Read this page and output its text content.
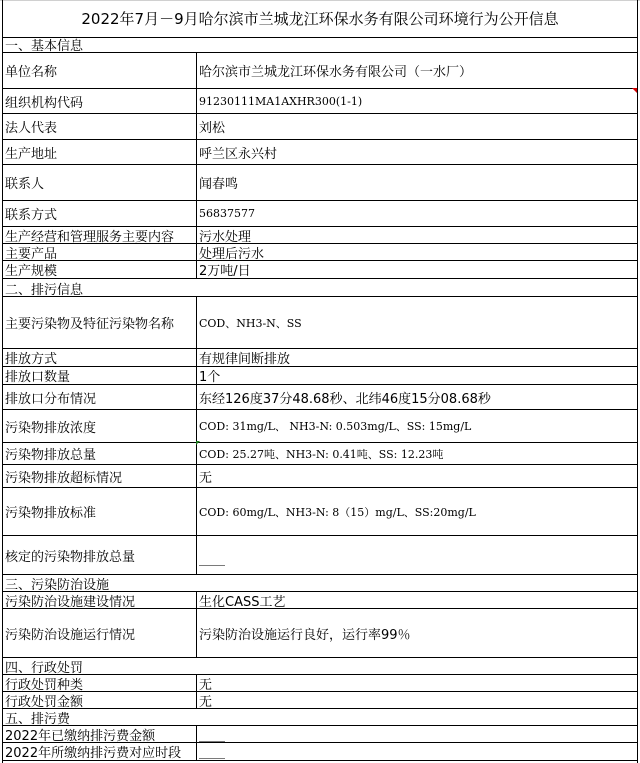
2022年7月－9月哈尔滨市兰城龙江环保水务有限公司环境行为公开信息
一、基本信息
单位名称	哈尔滨市兰城龙江环保水务有限公司（一水厂）
组织机构代码	91230111MA1AXHR300(1-1)
法人代表	刘松
生产地址	呼兰区永兴村
联系人	闻春鸣
联系方式	56837577
生产经营和管理服务主要内容	污水处理
主要产品	处理后污水
生产规模	2万吨/日
二、排污信息
主要污染物及特征污染物名称	COD、NH3-N、SS
排放方式	有规律间断排放
排放口数量	1个
排放口分布情况	东经126度37分48.68秒、北纬46度15分08.68秒
污染物排放浓度	COD: 31mg/L、 NH3-N: 0.503mg/L、SS: 15mg/L
污染物排放总量	COD: 25.27吨、NH3-N: 0.41吨、SS: 12.23吨
污染物排放超标情况	无
污染物排放标准	COD: 60mg/L、NH3-N: 8（15）mg/L、SS:20mg/L
核定的污染物排放总量	＿＿
三、污染防治设施
污染防治设施建设情况	生化CASS工艺
污染防治设施运行情况	污染防治设施运行良好，运行率99％
四、行政处罚
行政处罚种类	无
行政处罚金额	无
五、排污费
2022年已缴纳排污费金额	＿＿
2022年所缴纳排污费对应时段	＿＿
